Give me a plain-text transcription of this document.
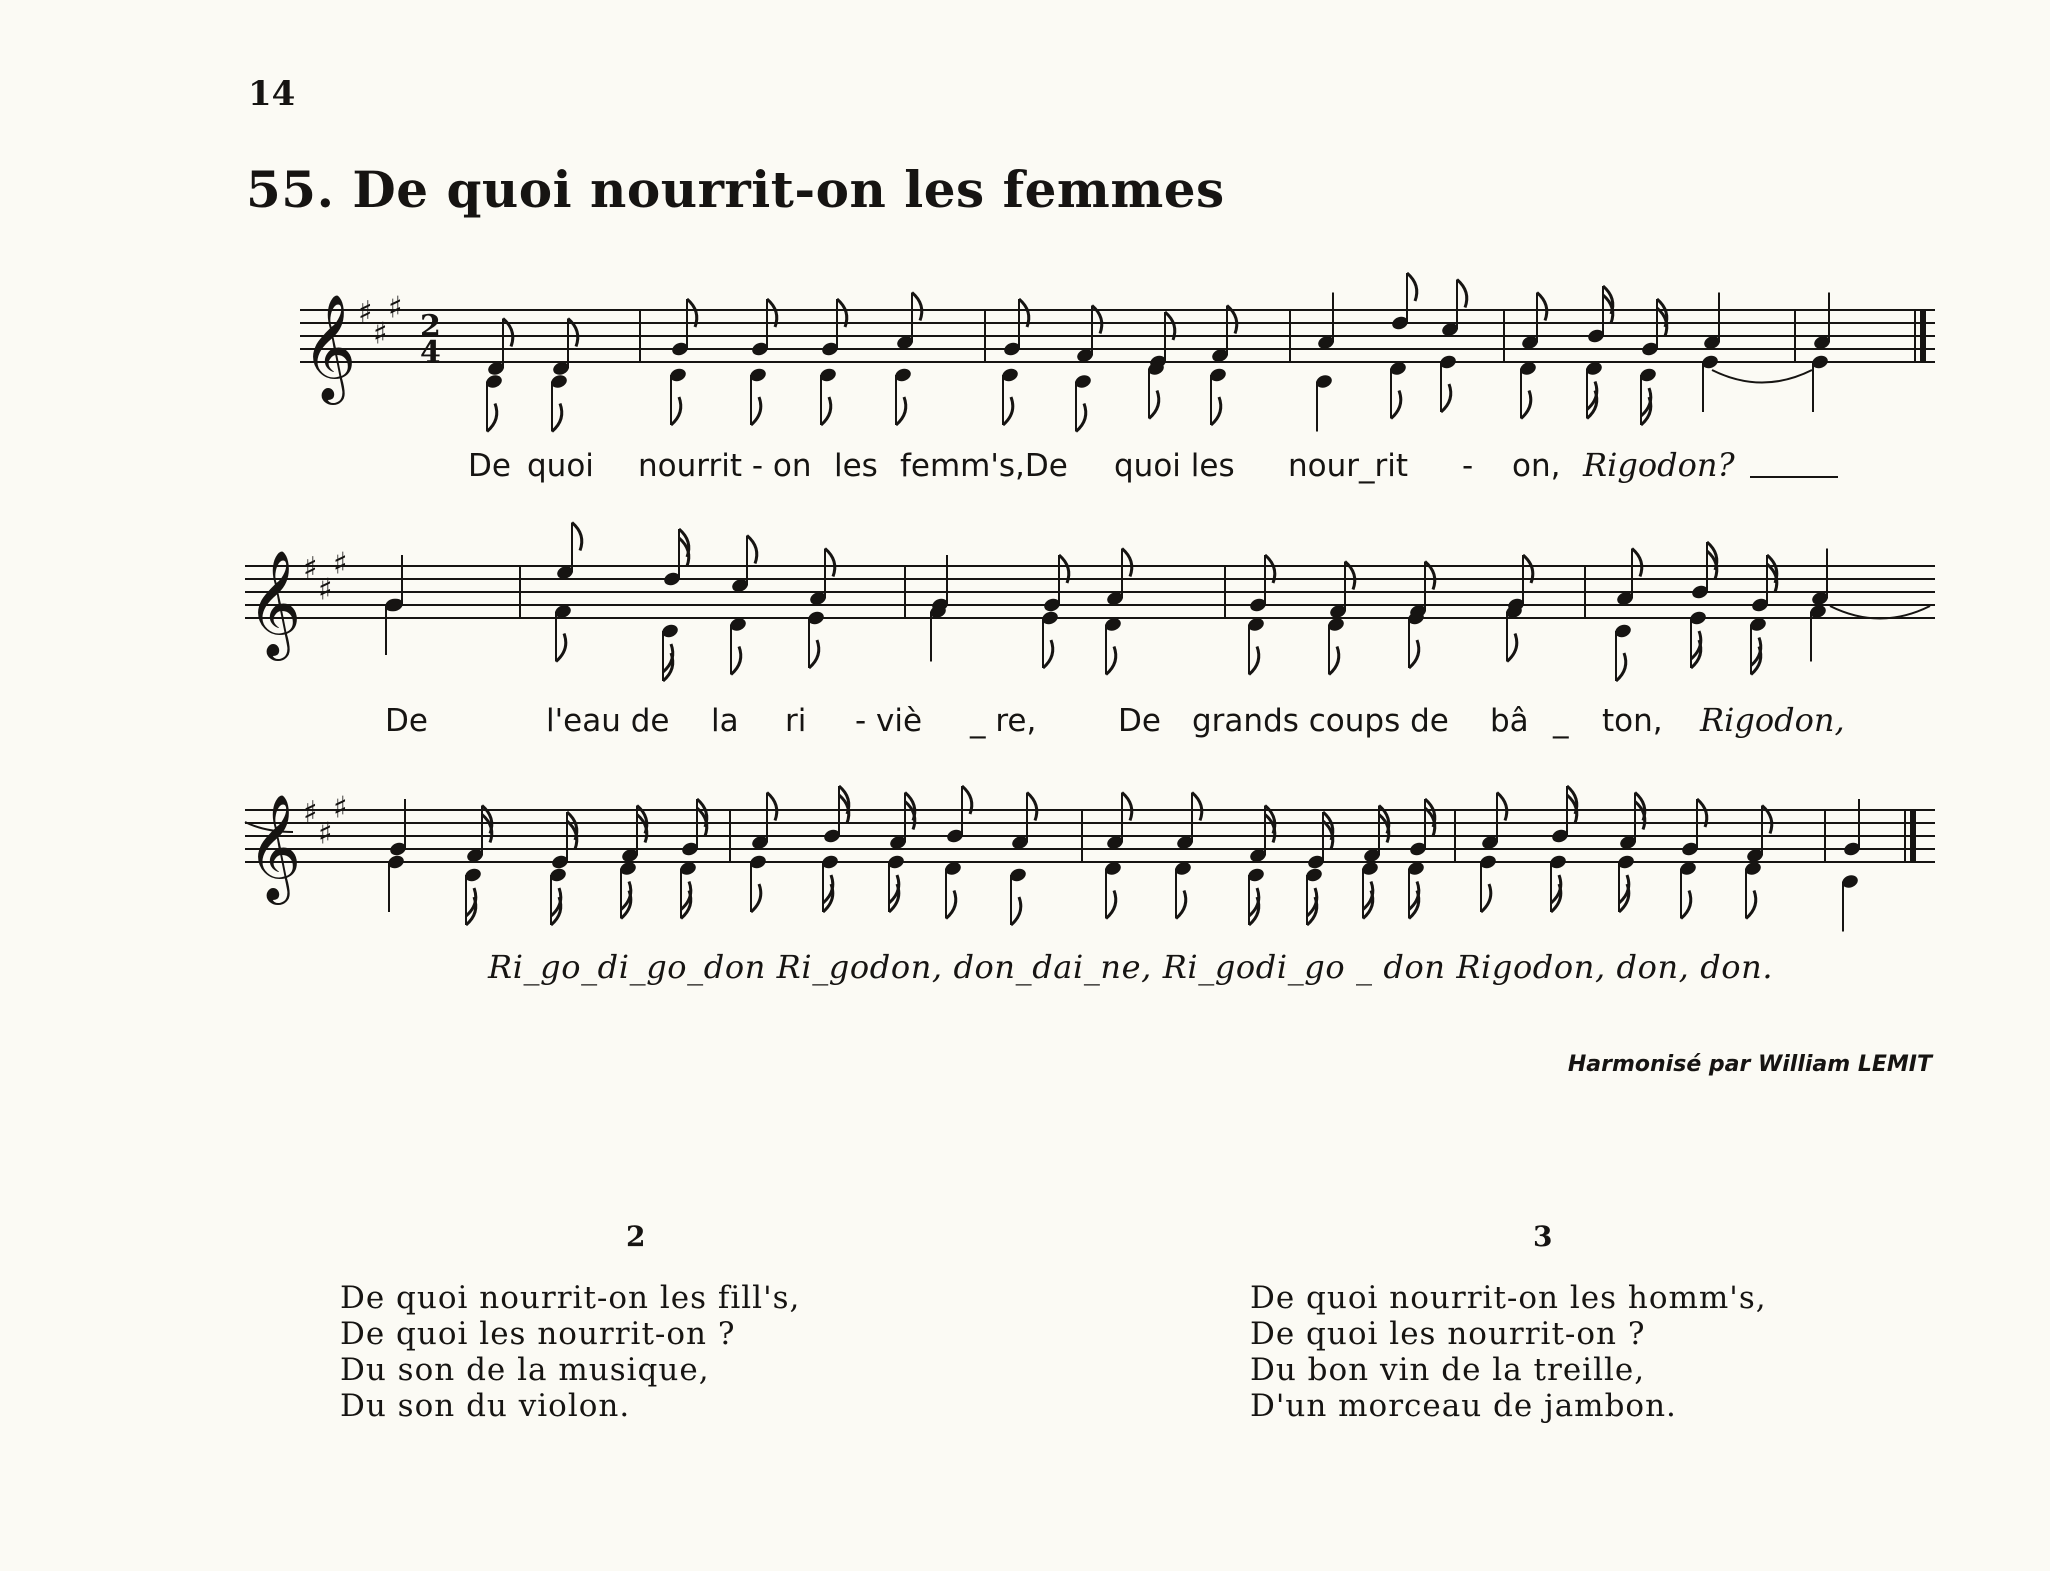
14
55. De quoi nourrit-on les femmes
𝄞 ♯
♯
♯
2
4
𝄞 ♯
♯
♯
𝄞 ♯
♯
♯
De quoi nourrit - on les femm's,De quoi les nour_rit - on, Rigodon?
De	l'eau de la ri - viè _ re,	De grands coups de bâ _ ton, Rigodon,
Ri_go_di_go_don Ri_godon, don_dai_ne, Ri_godi_go _ don Rigodon, don, don.
Harmonisé par William LEMIT
2
De quoi nourrit-on les fill's,
De quoi les nourrit-on ?
Du son de la musique,
Du son du violon.
3
De quoi nourrit-on les homm's,
De quoi les nourrit-on ?
Du bon vin de la treille,
D'un morceau de jambon.
